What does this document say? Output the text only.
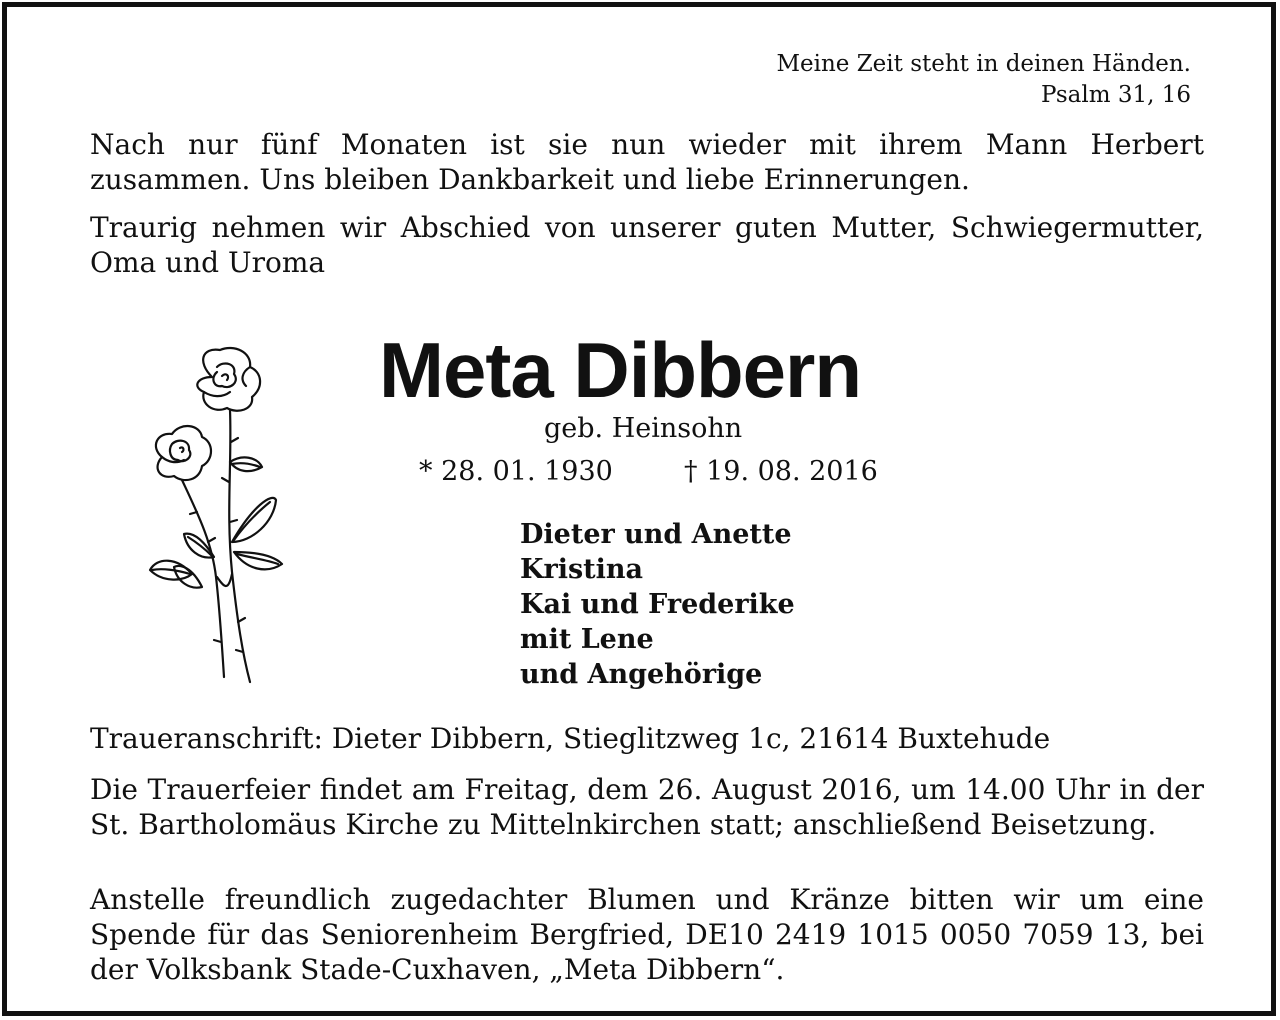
Meine Zeit steht in deinen Händen.
Psalm 31, 16
Nach nur fünf Monaten ist sie nun wieder mit ihrem Mann Herbert zusammen. Uns bleiben Dankbarkeit und liebe Erinnerungen.
Traurig nehmen wir Abschied von unserer guten Mutter, Schwiegermutter, Oma und Uroma
Meta Dibbern
geb. Heinsohn
* 28. 01. 1930	† 19. 08. 2016
Dieter und Anette
Kristina
Kai und Frederike
mit Lene
und Angehörige
Traueranschrift: Dieter Dibbern, Stieglitzweg 1c, 21614 Buxtehude
Die Trauerfeier findet am Freitag, dem 26. August 2016, um 14.00 Uhr in der St. Bartholomäus Kirche zu Mittelnkirchen statt; anschließend Beisetzung.
Anstelle freundlich zugedachter Blumen und Kränze bitten wir um eine Spende für das Seniorenheim Bergfried, DE10 2419 1015 0050 7059 13, bei der Volksbank Stade-Cuxhaven, „Meta Dibbern“.
